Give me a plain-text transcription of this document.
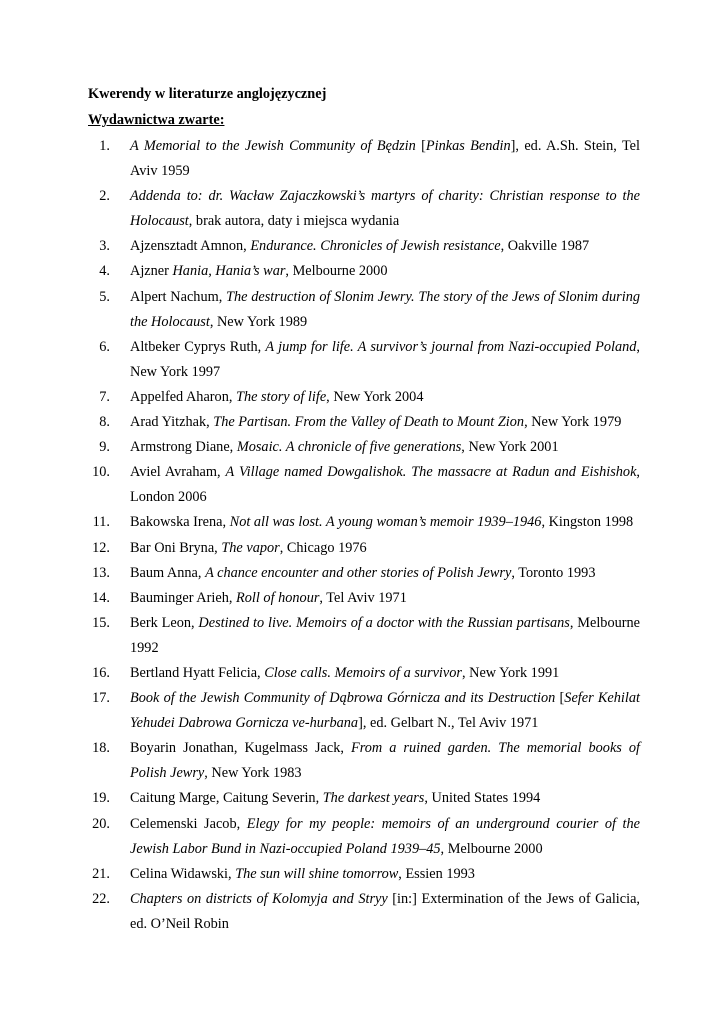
Kwerendy w literaturze anglojęzycznej
Wydawnictwa zwarte:
1. A Memorial to the Jewish Community of Będzin [Pinkas Bendin], ed. A.Sh. Stein, Tel Aviv 1959
2. Addenda to: dr. Wacław Zajaczkowski’s martyrs of charity: Christian response to the Holocaust, brak autora, daty i miejsca wydania
3. Ajzensztadt Amnon, Endurance. Chronicles of Jewish resistance, Oakville 1987
4. Ajzner Hania, Hania’s war, Melbourne 2000
5. Alpert Nachum, The destruction of Slonim Jewry. The story of the Jews of Slonim during the Holocaust, New York 1989
6. Altbeker Cyprys Ruth, A jump for life. A survivor’s journal from Nazi-occupied Poland, New York 1997
7. Appelfed Aharon, The story of life, New York 2004
8. Arad Yitzhak, The Partisan. From the Valley of Death to Mount Zion, New York 1979
9. Armstrong Diane, Mosaic. A chronicle of five generations, New York 2001
10. Aviel Avraham, A Village named Dowgalishok. The massacre at Radun and Eishishok, London 2006
11. Bakowska Irena, Not all was lost. A young woman’s memoir 1939–1946, Kingston 1998
12. Bar Oni Bryna, The vapor, Chicago 1976
13. Baum Anna, A chance encounter and other stories of Polish Jewry, Toronto 1993
14. Bauminger Arieh, Roll of honour, Tel Aviv 1971
15. Berk Leon, Destined to live. Memoirs of a doctor with the Russian partisans, Melbourne 1992
16. Bertland Hyatt Felicia, Close calls. Memoirs of a survivor, New York 1991
17. Book of the Jewish Community of Dąbrowa Górnicza and its Destruction [Sefer Kehilat Yehudei Dabrowa Gornicza ve-hurbana], ed. Gelbart N., Tel Aviv 1971
18. Boyarin Jonathan, Kugelmass Jack, From a ruined garden. The memorial books of Polish Jewry, New York 1983
19. Caitung Marge, Caitung Severin, The darkest years, United States 1994
20. Celemenski Jacob, Elegy for my people: memoirs of an underground courier of the Jewish Labor Bund in Nazi-occupied Poland 1939–45, Melbourne 2000
21. Celina Widawski, The sun will shine tomorrow, Essien 1993
22. Chapters on districts of Kolomyja and Stryy [in:] Extermination of the Jews of Galicia, ed. O’Neil Robin
